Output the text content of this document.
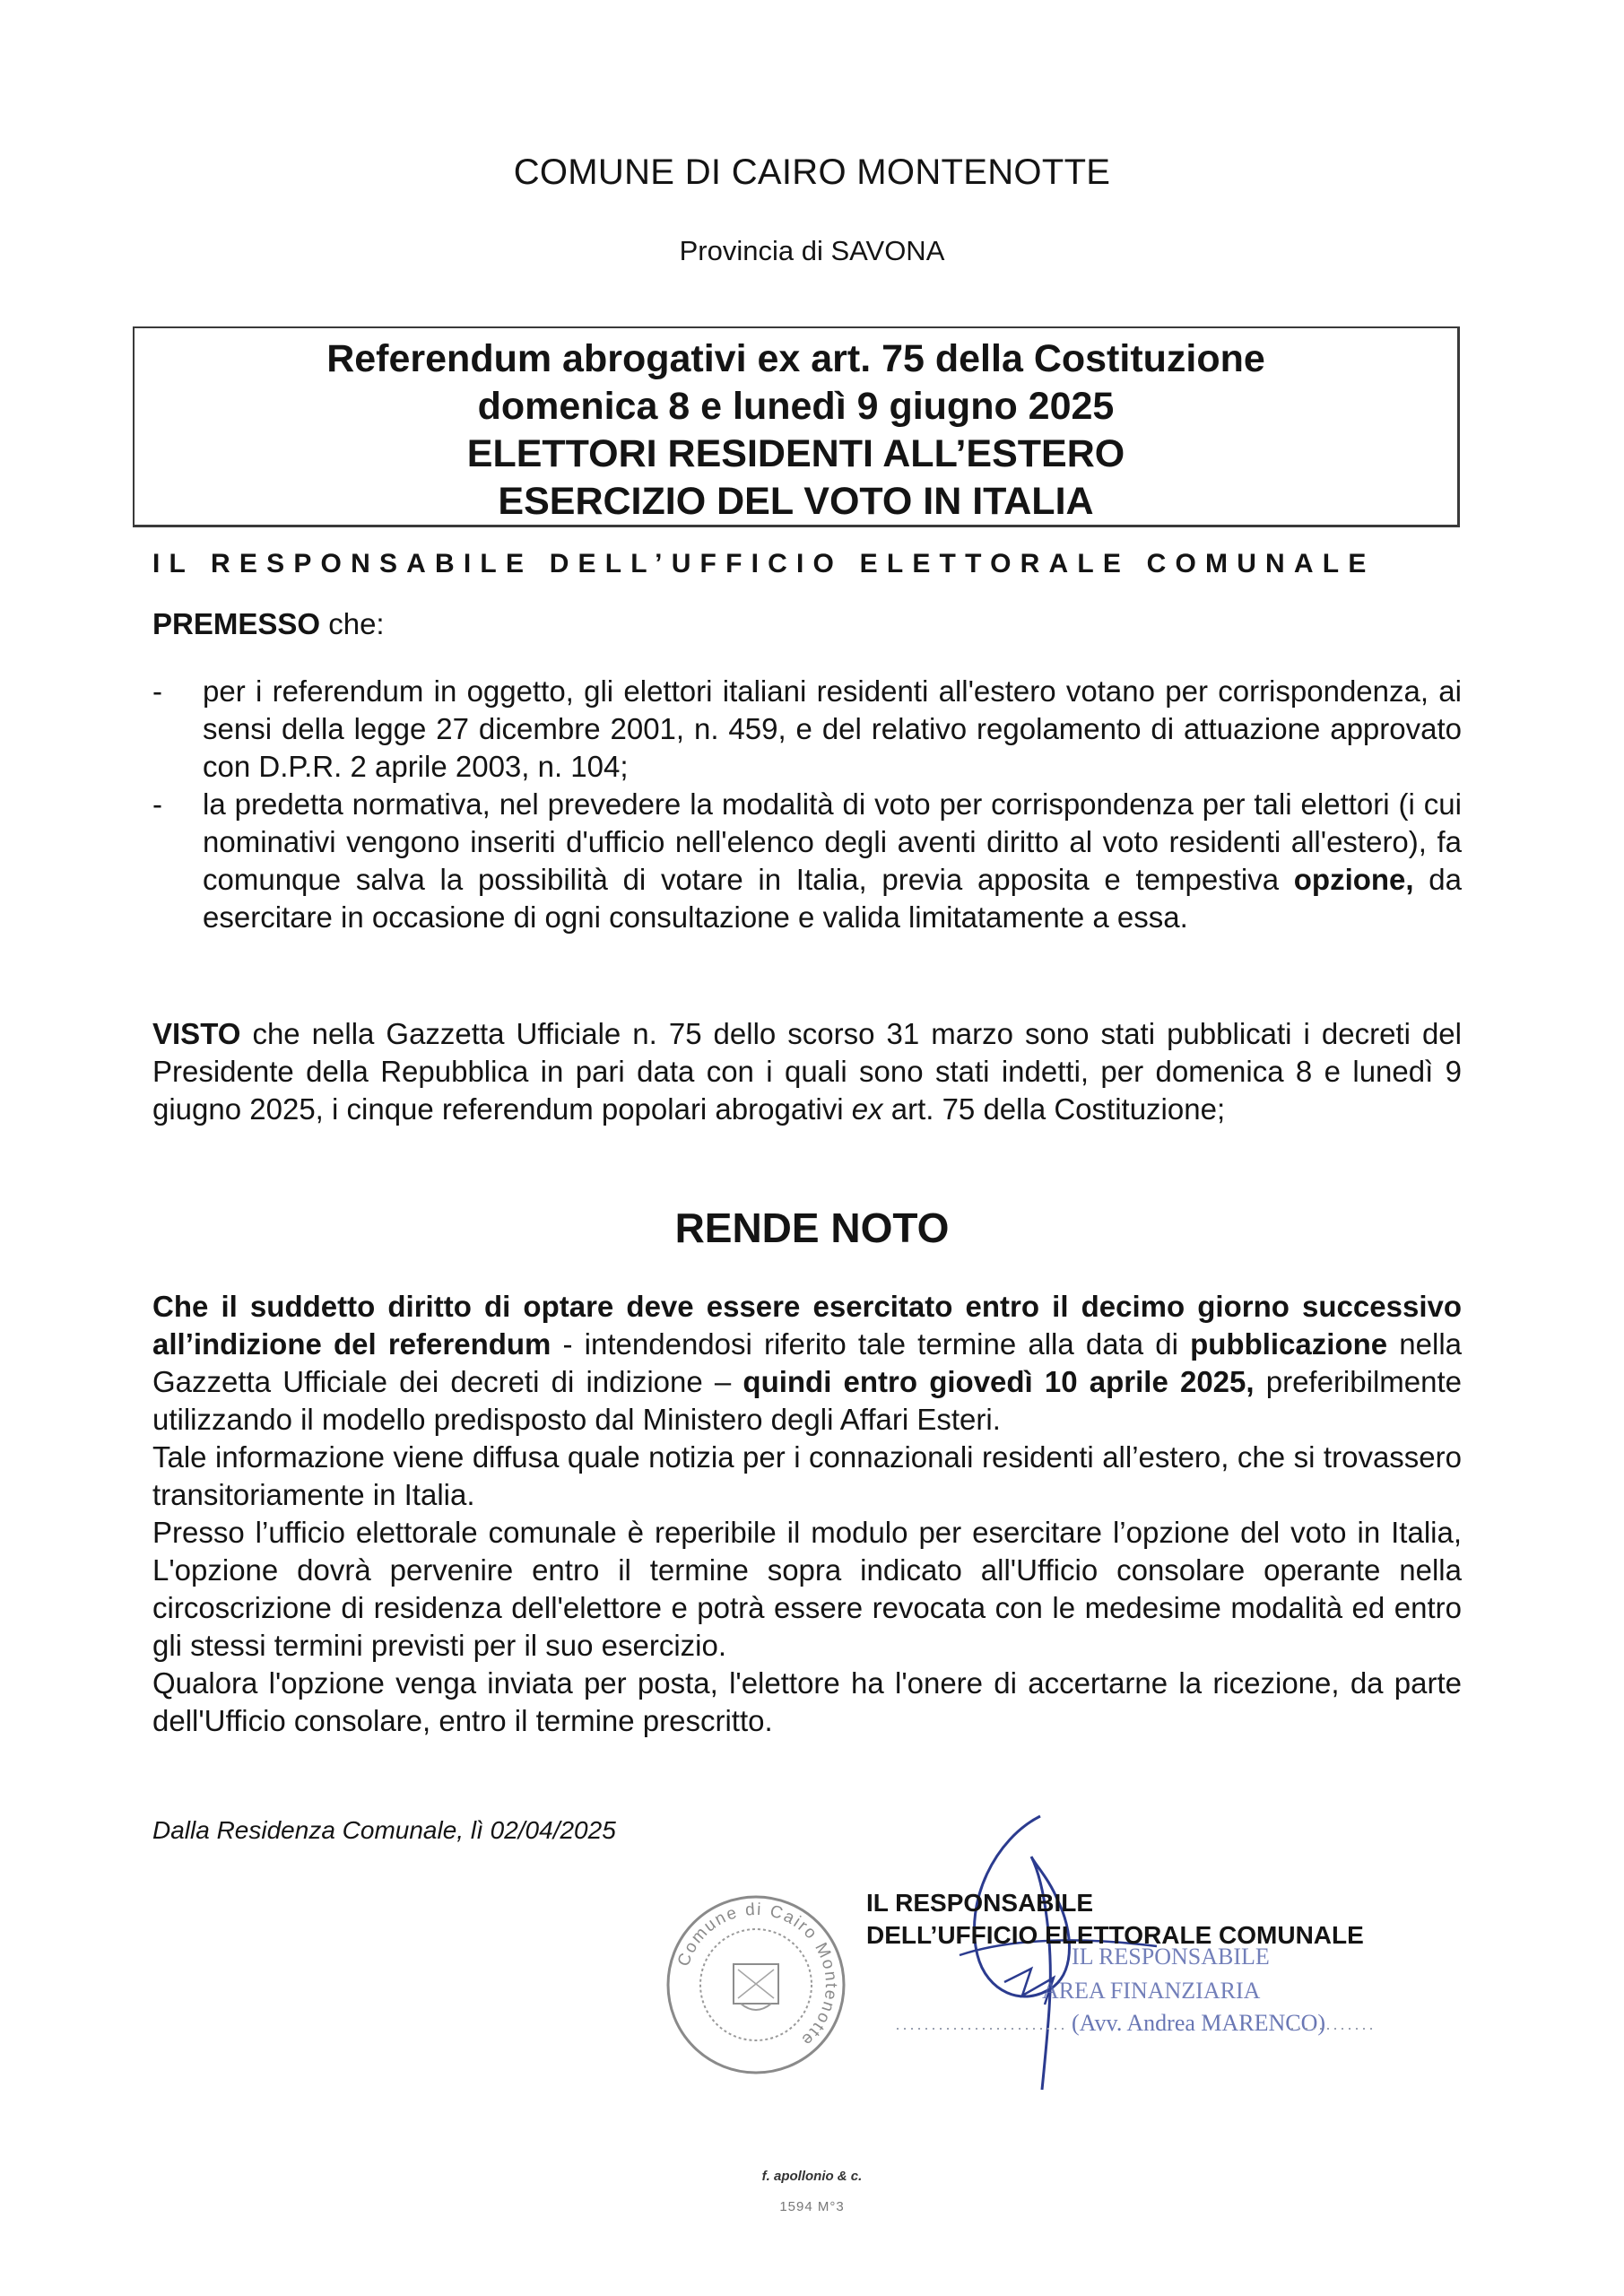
COMUNE DI CAIRO MONTENOTTE
Provincia di SAVONA
Referendum abrogativi ex art. 75 della Costituzione
domenica 8 e lunedì 9 giugno 2025
ELETTORI RESIDENTI ALL’ESTERO
ESERCIZIO DEL VOTO IN ITALIA
IL RESPONSABILE DELL’UFFICIO ELETTORALE COMUNALE
PREMESSO che:
- per i referendum in oggetto, gli elettori italiani residenti all'estero votano per corrispondenza, ai sensi della legge 27 dicembre 2001, n. 459, e del relativo regolamento di attuazione approvato con D.P.R. 2 aprile 2003, n. 104;
- la predetta normativa, nel prevedere la modalità di voto per corrispondenza per tali elettori (i cui nominativi vengono inseriti d'ufficio nell'elenco degli aventi diritto al voto residenti all'estero), fa comunque salva la possibilità di votare in Italia, previa apposita e tempestiva opzione, da esercitare in occasione di ogni consultazione e valida limitatamente a essa.
VISTO che nella Gazzetta Ufficiale n. 75 dello scorso 31 marzo sono stati pubblicati i decreti del Presidente della Repubblica in pari data con i quali sono stati indetti, per domenica 8 e lunedì 9 giugno 2025, i cinque referendum popolari abrogativi ex art. 75 della Costituzione;
RENDE NOTO

Che il suddetto diritto di optare deve essere esercitato entro il decimo giorno successivo all’indizione del referendum - intendendosi riferito tale termine alla data di pubblicazione nella Gazzetta Ufficiale dei decreti di indizione – quindi entro giovedì 10 aprile 2025, preferibilmente utilizzando il modello predisposto dal Ministero degli Affari Esteri.

Tale informazione viene diffusa quale notizia per i connazionali residenti all’estero, che si trovassero transitoriamente in Italia.

Presso l’ufficio elettorale comunale è reperibile il modulo per esercitare l’opzione del voto in Italia, L'opzione dovrà pervenire entro il termine sopra indicato all'Ufficio consolare operante nella circoscrizione di residenza dell'elettore e potrà essere revocata con le medesime modalità ed entro gli stessi termini previsti per il suo esercizio.

Qualora l'opzione venga inviata per posta, l'elettore ha l'onere di accertarne la ricezione, da parte dell'Ufficio consolare, entro il termine prescritto.

Dalla Residenza Comunale, lì 02/04/2025
Comune di Cairo Montenotte
IL RESPONSABILE
AREA FINANZIARIA
(Avv. Andrea MARENCO)
IL RESPONSABILE
DELL’UFFICIO ELETTORALE COMUNALE
f. apollonio & c.
1594 M°3
